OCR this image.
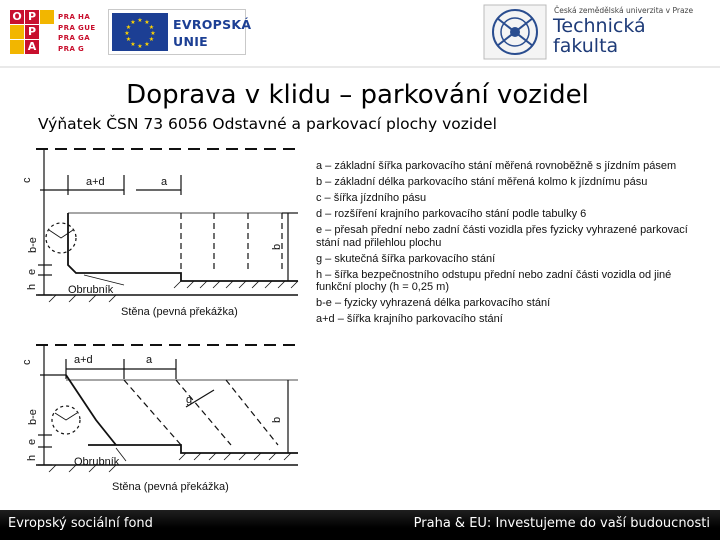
O P
P
A
PRA HA
PRA GUE
PRA GA
PRA G
★ ★
★
★
★
★
★
★
★
★
★
★	EVROPSKÁ
UNIE
Česká zemědělská univerzita v Praze
Technická
fakulta
Doprava v klidu – parkování vozidel
Výňatek ČSN 73 6056 Odstavné a parkovací plochy vozidel
c	a+d	a
b-e	b
e
h	Obrubník
Stěna (pevná překážka)
c	a+d	a
b-e
g
b
e
h	Obrubník
Stěna (pevná překážka)
a – základní šířka parkovacího stání měřená rovnoběžně s jízdním pásem
b – základní délka parkovacího stání měřená kolmo k jízdnímu pásu
c – šířka jízdního pásu
d – rozšíření krajního parkovacího stání podle tabulky 6
e – přesah přední nebo zadní části vozidla přes fyzicky vyhrazené parkovací stání nad přilehlou plochu
g – skutečná šířka parkovacího stání
h – šířka bezpečnostního odstupu přední nebo zadní části vozidla od jiné funkční plochy (h = 0,25 m)
b-e – fyzicky vyhrazená délka parkovacího stání
a+d – šířka krajního parkovacího stání
Evropský sociální fond	Praha & EU: Investujeme do vaší budoucnosti
